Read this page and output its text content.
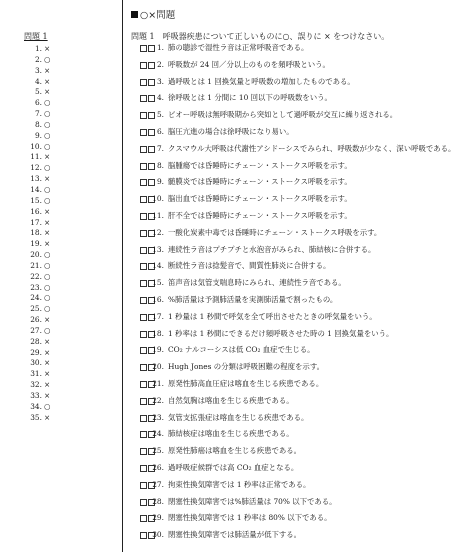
問題 1
1. ×
2. ○
3. ×
4. ×
5. ×
6. ○
7. ○
8. ○
9. ○
10. ○
11. ×
12. ○
13. ×
14. ○
15. ○
16. ×
17. ×
18. ×
19. ×
20. ○
21. ○
22. ○
23. ○
24. ○
25. ○
26. ×
27. ○
28. ×
29. ×
30. ×
31. ×
32. ×
33. ×
34. ○
35. ×
○×問題
問題 1　呼吸器疾患について正しいものに○、誤りに × をつけなさい。
1. 肺の聴診で湿性ラ音は正常呼吸音である。
2. 呼吸数が 24 回／分以上のものを頻呼吸という。
3. 過呼吸とは 1 回換気量と呼吸数の増加したものである。
4. 徐呼吸とは 1 分間に 10 回以下の呼吸数をいう。
5. ビオー呼吸は無呼吸期から突如として過呼吸が交互に繰り返される。
6. 脳圧亢進の場合は徐呼吸になり易い。
7. クスマウル大呼吸は代謝性アシドーシスでみられ、呼吸数が少なく、深い呼吸である。
8. 脳腫瘍では昏睡時にチェーン・ストークス呼吸を示す。
9. 髄膜炎では昏睡時にチェーン・ストークス呼吸を示す。
10. 脳出血では昏睡時にチェーン・ストークス呼吸を示す。
11. 肝不全では昏睡時にチェーン・ストークス呼吸を示す。
12. 一酸化炭素中毒では昏睡時にチェーン・ストークス呼吸を示す。
13. 連続性ラ音はプチプチと水泡音がみられ、肺結核に合併する。
14. 断続性ラ音は捻髪音で、間質性肺炎に合併する。
15. 笛声音は気管支喘息時にみられ、連続性ラ音である。
16. %肺活量は予測肺活量を実測肺活量で割ったもの。
17. 1 秒量は 1 秒間で呼気を全て呼出させたときの呼気量をいう。
18. 1 秒率は 1 秒間にできるだけ頻呼吸させた時の 1 回換気量をいう。
19. CO₂ ナルコーシスは低 CO₂ 血症で生じる。
20. Hugh Jones の分類は呼吸困難の程度を示す。
21. 原発性肺高血圧症は喀血を生じる疾患である。
22. 自然気胸は喀血を生じる疾患である。
23. 気管支拡張症は喀血を生じる疾患である。
24. 肺結核症は喀血を生じる疾患である。
25. 原発性肺癌は喀血を生じる疾患である。
26. 過呼吸症候群では高 CO₂ 血症となる。
27. 拘束性換気障害では 1 秒率は正常である。
28. 閉塞性換気障害では%肺活量は 70% 以下である。
29. 閉塞性換気障害では 1 秒率は 80% 以下である。
30. 閉塞性換気障害では肺活量が低下する。
